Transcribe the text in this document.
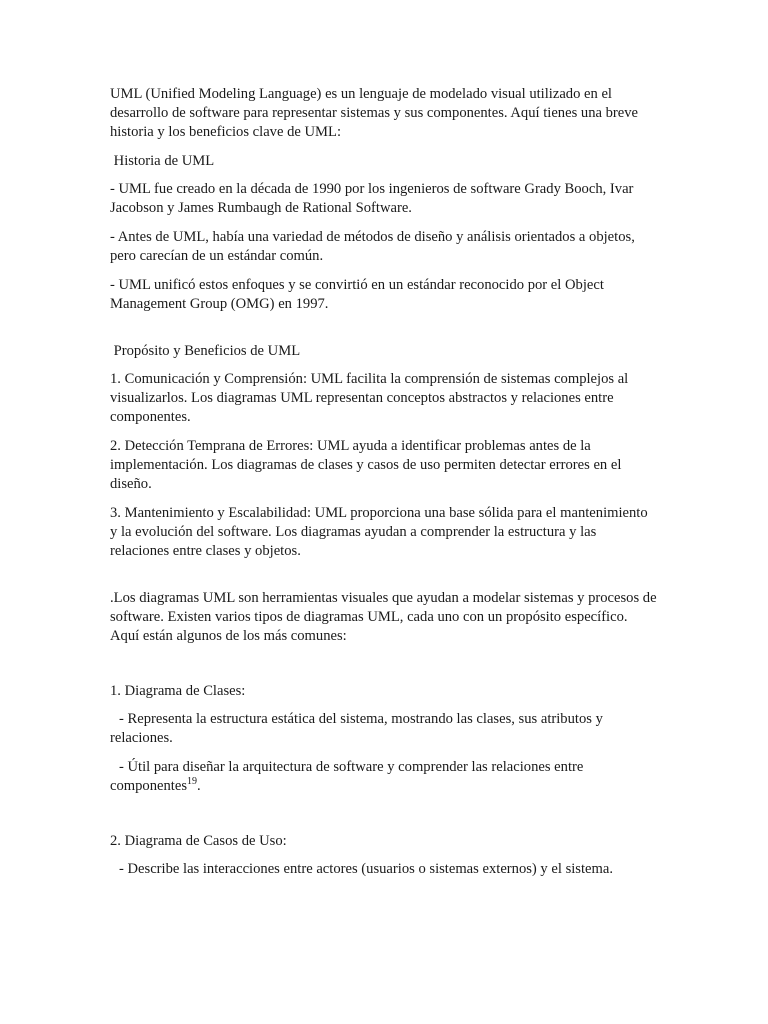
UML (Unified Modeling Language) es un lenguaje de modelado visual utilizado en el desarrollo de software para representar sistemas y sus componentes. Aquí tienes una breve historia y los beneficios clave de UML:

Historia de UML

- UML fue creado en la década de 1990 por los ingenieros de software Grady Booch, Ivar Jacobson y James Rumbaugh de Rational Software.

- Antes de UML, había una variedad de métodos de diseño y análisis orientados a objetos, pero carecían de un estándar común.

- UML unificó estos enfoques y se convirtió en un estándar reconocido por el Object Management Group (OMG) en 1997.

Propósito y Beneficios de UML

1. Comunicación y Comprensión: UML facilita la comprensión de sistemas complejos al visualizarlos. Los diagramas UML representan conceptos abstractos y relaciones entre componentes.

2. Detección Temprana de Errores: UML ayuda a identificar problemas antes de la implementación. Los diagramas de clases y casos de uso permiten detectar errores en el diseño.

3. Mantenimiento y Escalabilidad: UML proporciona una base sólida para el mantenimiento y la evolución del software. Los diagramas ayudan a comprender la estructura y las relaciones entre clases y objetos.

.Los diagramas UML son herramientas visuales que ayudan a modelar sistemas y procesos de software. Existen varios tipos de diagramas UML, cada uno con un propósito específico. Aquí están algunos de los más comunes:

1. Diagrama de Clases:

- Representa la estructura estática del sistema, mostrando las clases, sus atributos y relaciones.

- Útil para diseñar la arquitectura de software y comprender las relaciones entre componentes$^{19}$.

2. Diagrama de Casos de Uso:

- Describe las interacciones entre actores (usuarios o sistemas externos) y el sistema.
